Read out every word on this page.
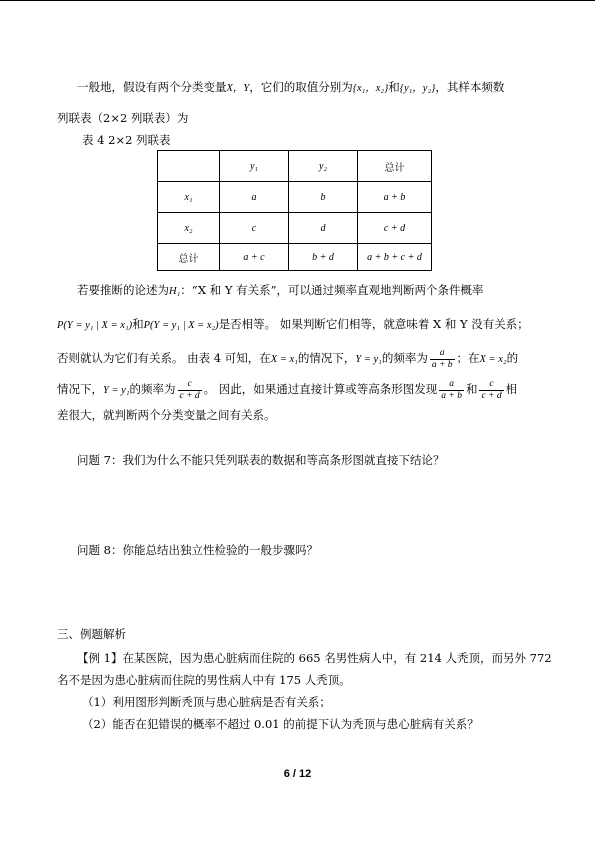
一般地，假设有两个分类变量X，Y，它们的取值分别为{x₁，x₂}和{y₁，y₂}，其样本频数
列联表（2×2 列联表）为
表 4 2×2 列联表
	y₁	y₂	总计
x₁	a	b	a + b
x₂	c	d	c + d
总计	a + c	b + d	a + b + c + d
若要推断的论述为H₁：“X 和 Y 有关系”，可以通过频率直观地判断两个条件概率
P(Y = y₁ | X = x₁)和P(Y = y₁ | X = x₂)是否相等。 如果判断它们相等，就意味着 X 和 Y 没有关系；
否则就认为它们有关系。 由表 4 可知，在X = x₁的情况下，Y = y₁的频率为 $\frac{a}{a + b}$ ；在X = x₂的
情况下，Y = y₁的频率为 $\frac{c}{c + d}$ 。 因此，如果通过直接计算或等高条形图发现 $\frac{a}{a + b}$ 和 $\frac{c}{c + d}$ 相
差很大，就判断两个分类变量之间有关系。
问题 7：我们为什么不能只凭列联表的数据和等高条形图就直接下结论？
问题 8：你能总结出独立性检验的一般步骤吗？
三、例题解析
【例 1】在某医院，因为患心脏病而住院的 665 名男性病人中，有 214 人秃顶，而另外 772
名不是因为患心脏病而住院的男性病人中有 175 人秃顶。
（1）利用图形判断秃顶与患心脏病是否有关系；
（2）能否在犯错误的概率不超过 0.01 的前提下认为秃顶与患心脏病有关系？
6 / 12
